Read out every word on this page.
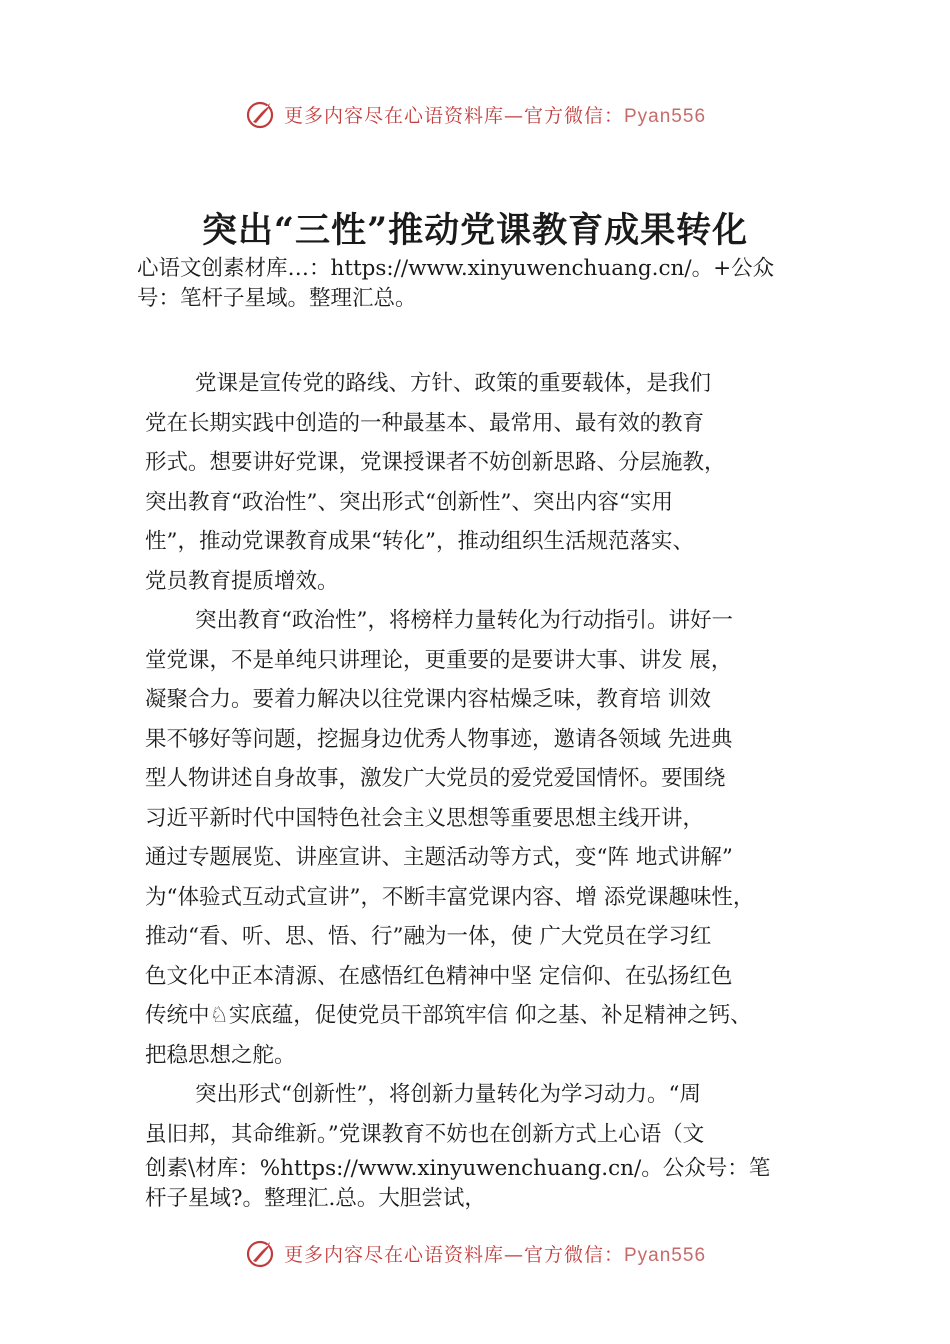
更多内容尽在心语资料库—官方微信：Pyan556
突出“三性”推动党课教育成果转化

心语文创素材库…：https://www.xinyuwenchuang.cn/。+公众
号：笔杆子星域。整理汇总。

党课是宣传党的路线、方针、政策的重要载体，是我们
党在长期实践中创造的一种最基本、最常用、最有效的教育
形式。想要讲好党课，党课授课者不妨创新思路、分层施教，
突出教育“政治性”、突出形式“创新性”、突出内容“实用
性”，推动党课教育成果“转化”，推动组织生活规范落实、
党员教育提质增效。

突出教育“政治性”，将榜样力量转化为行动指引。讲好一
堂党课，不是单纯只讲理论，更重要的是要讲大事、讲发 展，
凝聚合力。要着力解决以往党课内容枯燥乏味，教育培 训效
果不够好等问题，挖掘身边优秀人物事迹，邀请各领域 先进典
型人物讲述自身故事，激发广大党员的爱党爱国情怀。要围绕
习近平新时代中国特色社会主义思想等重要思想主线开讲，
通过专题展览、讲座宣讲、主题活动等方式，变“阵 地式讲解”
为“体验式互动式宣讲”，不断丰富党课内容、增 添党课趣味性，
推动“看、听、思、悟、行”融为一体，使 广大党员在学习红
色文化中正本清源、在感悟红色精神中坚 定信仰、在弘扬红色
传统中♘实底蕴，促使党员干部筑牢信 仰之基、补足精神之钙、
把稳思想之舵。

突出形式“创新性”，将创新力量转化为学习动力。“周
虽旧邦，其命维新。”党课教育不妨也在创新方式上心语（文
创素\材库：%https://www.xinyuwenchuang.cn/。公众号：笔
杆子星域?。整理汇.总。大胆尝试，

更多内容尽在心语资料库—官方微信：Pyan556
